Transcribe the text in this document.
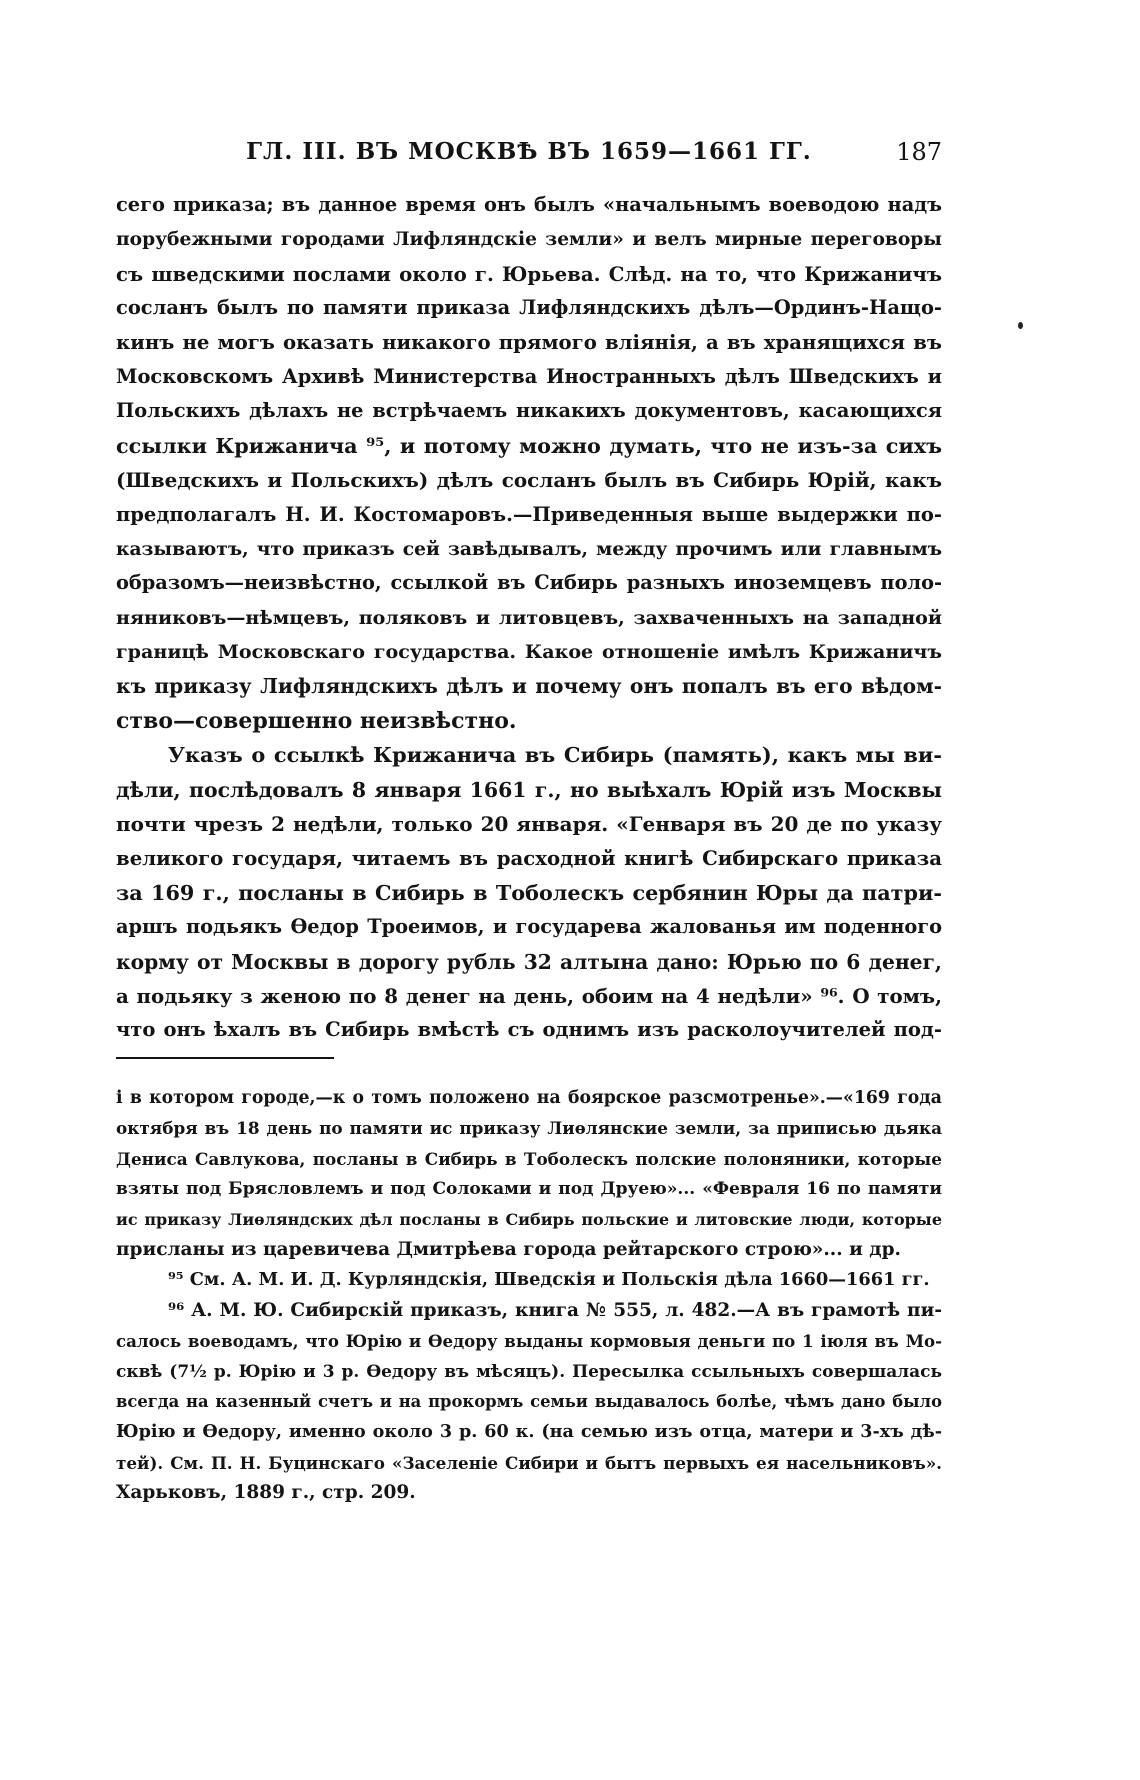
ГЛ. III. ВЪ МОСКВѢ ВЪ 1659—1661 ГГ.	187
сего приказа; въ данное время онъ былъ «начальнымъ воеводою надъ
порубежными городами Лифляндскіе земли» и велъ мирные переговоры
съ шведскими послами около г. Юрьева. Слѣд. на то, что Крижаничъ
сосланъ былъ по памяти приказа Лифляндскихъ дѣлъ—Ординъ-Нащо-
кинъ не могъ оказать никакого прямого вліянія, а въ хранящихся въ
Московскомъ Архивѣ Министерства Иностранныхъ дѣлъ Шведскихъ и
Польскихъ дѣлахъ не встрѣчаемъ никакихъ документовъ, касающихся
ссылки Крижанича ⁹⁵, и потому можно думать, что не изъ-за сихъ
(Шведскихъ и Польскихъ) дѣлъ сосланъ былъ въ Сибирь Юрій, какъ
предполагалъ Н. И. Костомаровъ.—Приведенныя выше выдержки по-
казываютъ, что приказъ сей завѣдывалъ, между прочимъ или главнымъ
образомъ—неизвѣстно, ссылкой въ Сибирь разныхъ иноземцевъ поло-
няниковъ—нѣмцевъ, поляковъ и литовцевъ, захваченныхъ на западной
границѣ Московскаго государства. Какое отношеніе имѣлъ Крижаничъ
къ приказу Лифляндскихъ дѣлъ и почему онъ попалъ въ его вѣдом-
ство—совершенно неизвѣстно.
Указъ о ссылкѣ Крижанича въ Сибирь (память), какъ мы ви-
дѣли, послѣдовалъ 8 января 1661 г., но выѣхалъ Юрій изъ Москвы
почти чрезъ 2 недѣли, только 20 января. «Генваря въ 20 де по указу
великого государя, читаемъ въ расходной книгѣ Сибирскаго приказа
за 169 г., посланы в Сибирь в Тоболескъ сербянин Юры да патри-
аршъ подьякъ Өедор Троеимов, и государева жалованья им поденного
корму от Москвы в дорогу рубль 32 алтына дано: Юрью по 6 денег,
а подьяку з женою по 8 денег на день, обоим на 4 недѣли» ⁹⁶. О томъ,
что онъ ѣхалъ въ Сибирь вмѣстѣ съ однимъ изъ расколоучителей под-
і в котором городе,—к о томъ положено на боярское разсмотренье».—«169 года
октября въ 18 день по памяти ис приказу Лиѳлянскиe земли, за приписью дьяка
Дениса Савлукова, посланы в Сибирь в Тоболескъ полские полоняники, которые
взяты под Брясловлемъ и под Солоками и под Друею»... «Февраля 16 по памяти
ис приказу Лиѳляндских дѣл посланы в Сибирь польские и литовские люди, которые
присланы из царевичева Дмитрѣева города рейтарского строю»... и др.
⁹⁵ См. А. М. И. Д. Курляндскія, Шведскія и Польскія дѣла 1660—1661 гг.
⁹⁶ А. М. Ю. Сибирскій приказъ, книга № 555, л. 482.—А въ грамотѣ пи-
салось воеводамъ, что Юрію и Өедору выданы кормовыя деньги по 1 іюля въ Мо-
сквѣ (7½ р. Юрію и 3 р. Өедору въ мѣсяцъ). Пересылка ссыльныхъ совершалась
всегда на казенный счетъ и на прокормъ семьи выдавалось болѣе, чѣмъ дано было
Юрію и Өедору, именно около 3 р. 60 к. (на семью изъ отца, матери и 3-хъ дѣ-
тей). См. П. Н. Буцинскаго «Заселеніе Сибири и бытъ первыхъ ея насельниковъ».
Харьковъ, 1889 г., стр. 209.
